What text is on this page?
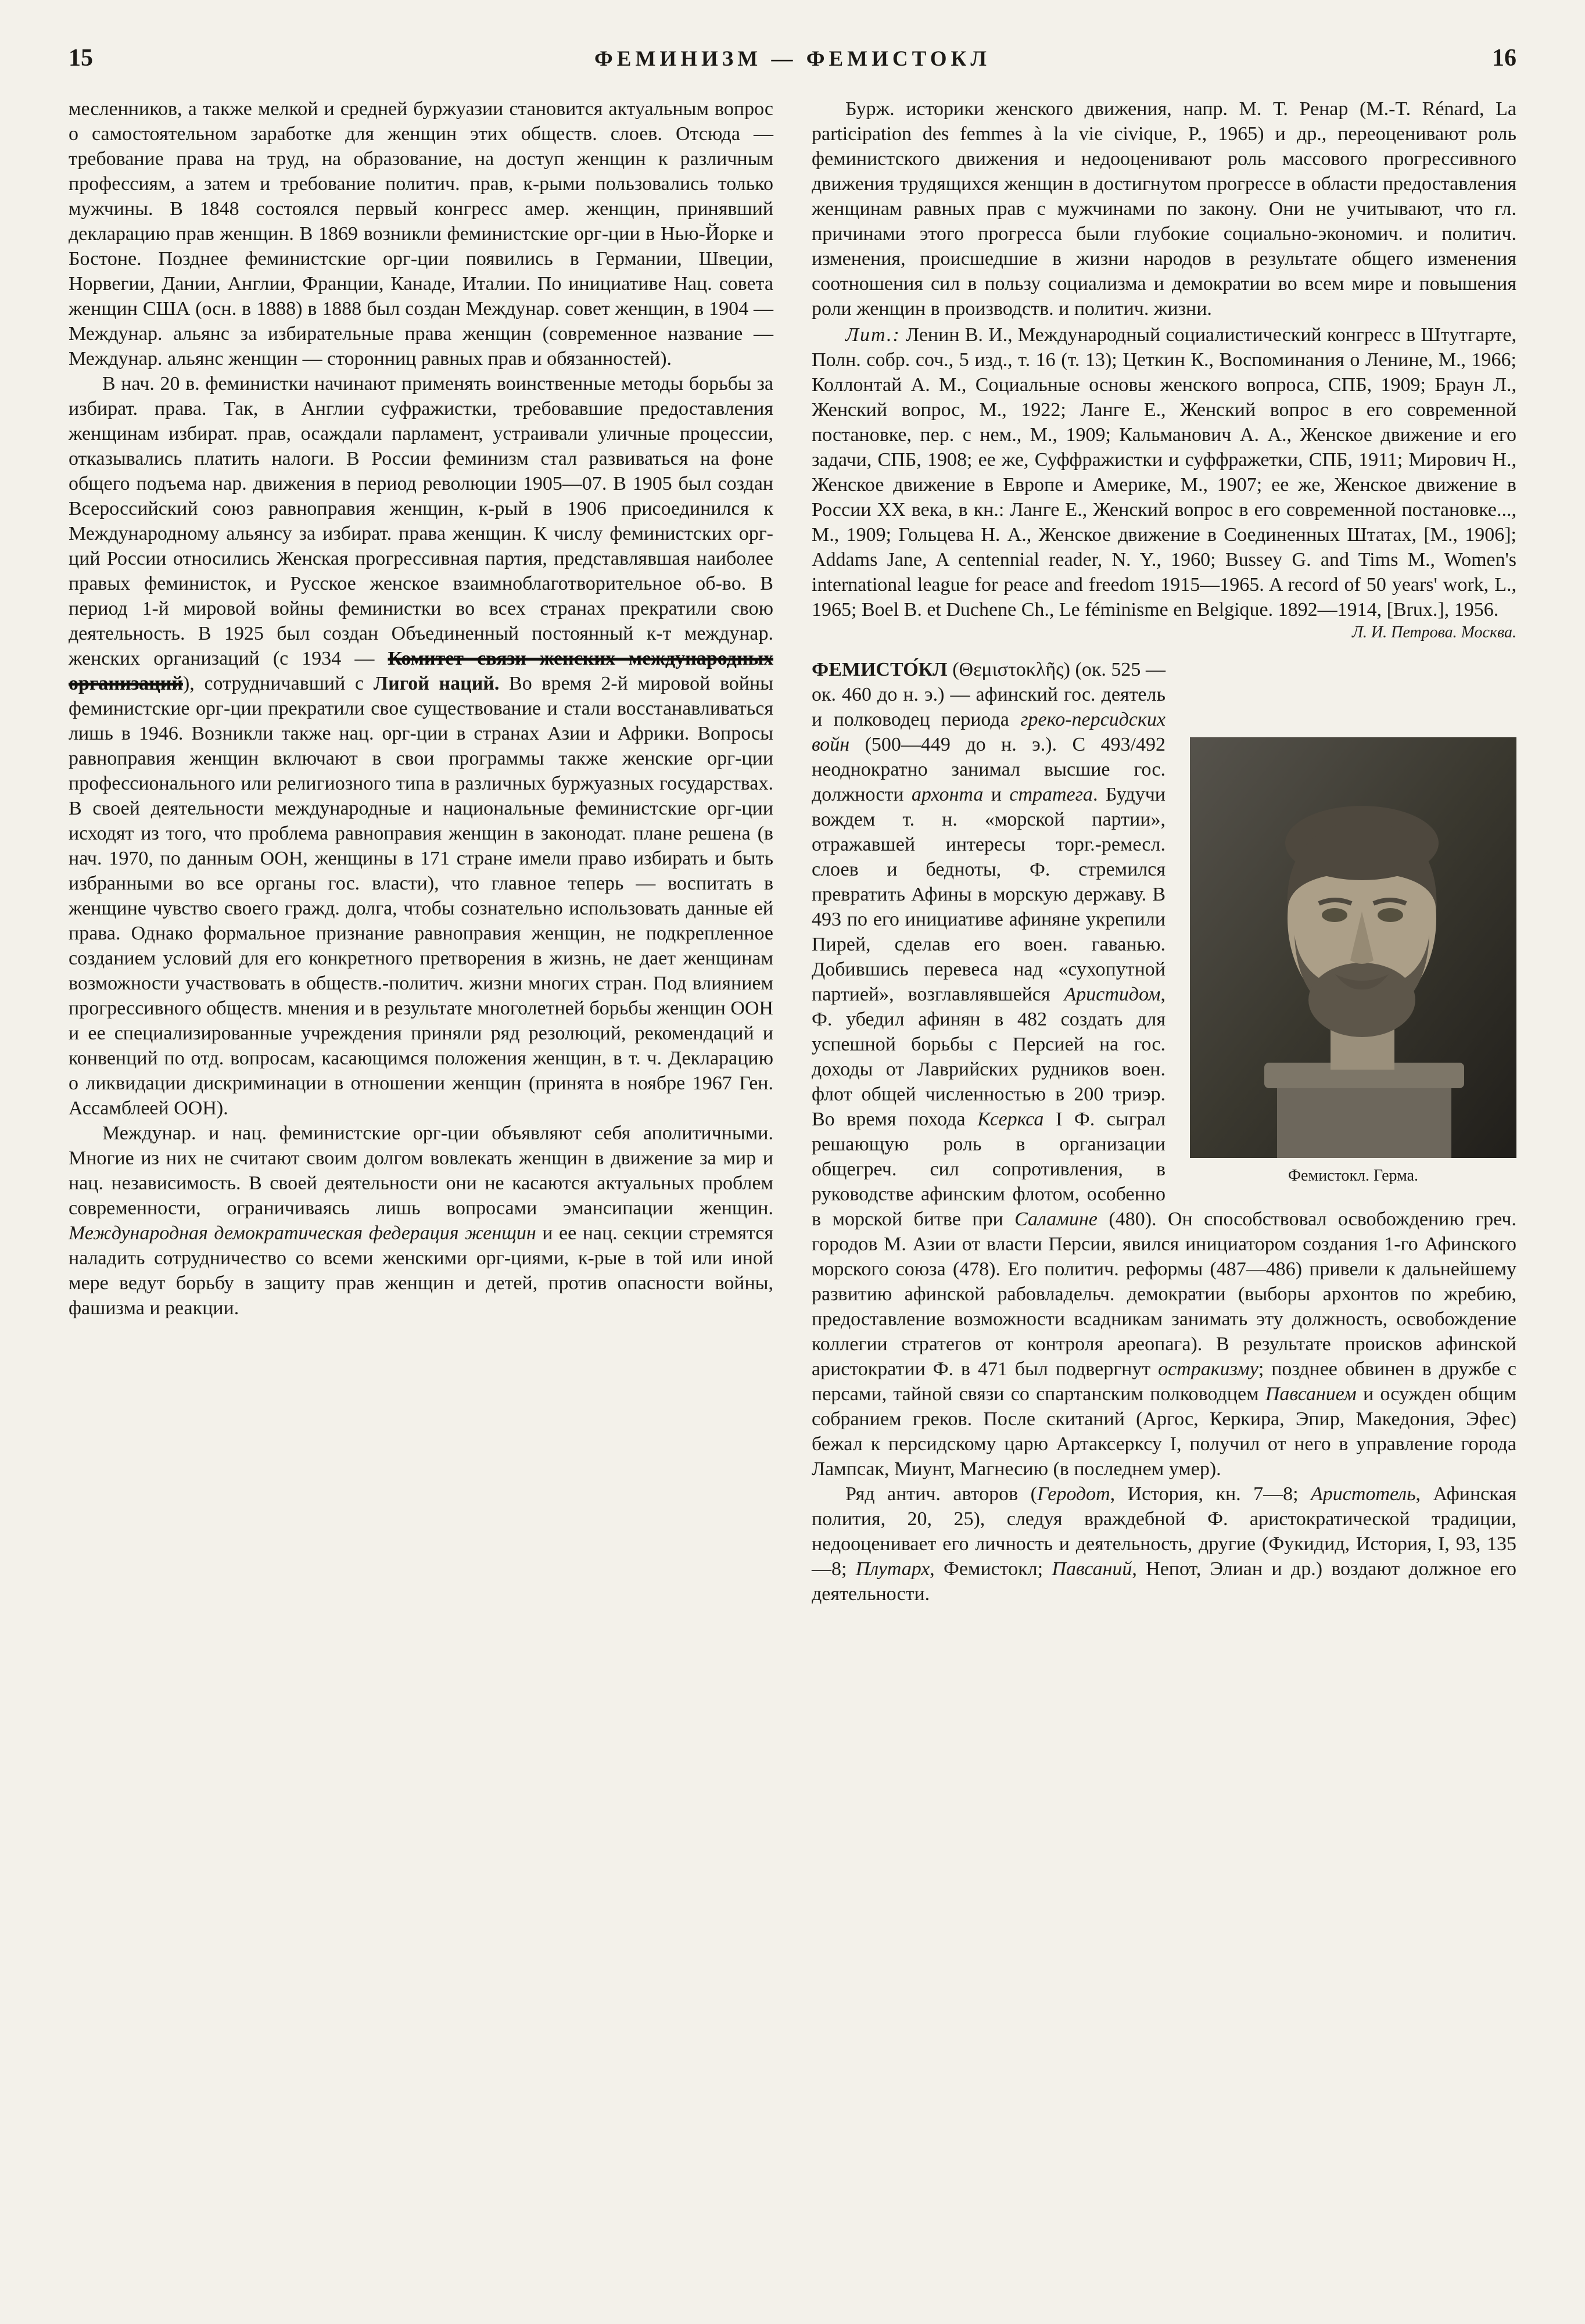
15	ФЕМИНИЗМ — ФЕМИСТОКЛ	16

месленников, а также мелкой и средней буржуазии становится актуальным вопрос о самостоятельном заработке для женщин этих обществ. слоев. Отсюда — требование права на труд, на образование, на доступ женщин к различным профессиям, а затем и требование политич. прав, к-рыми пользовались только мужчины. В 1848 состоялся первый конгресс амер. женщин, принявший декларацию прав женщин. В 1869 возникли феминистские орг-ции в Нью-Йорке и Бостоне. Позднее феминистские орг-ции появились в Германии, Швеции, Норвегии, Дании, Англии, Франции, Канаде, Италии. По инициативе Нац. совета женщин США (осн. в 1888) в 1888 был создан Междунар. совет женщин, в 1904 — Междунар. альянс за избирательные права женщин (современное название — Междунар. альянс женщин — сторонниц равных прав и обязанностей).

В нач. 20 в. феминистки начинают применять воинственные методы борьбы за избират. права. Так, в Англии суфражистки, требовавшие предоставления женщинам избират. прав, осаждали парламент, устраивали уличные процессии, отказывались платить налоги. В России феминизм стал развиваться на фоне общего подъема нар. движения в период революции 1905—07. В 1905 был создан Всероссийский союз равноправия женщин, к-рый в 1906 присоединился к Международному альянсу за избират. права женщин. К числу феминистских орг-ций России относились Женская прогрессивная партия, представлявшая наиболее правых феминисток, и Русское женское взаимноблаготворительное об-во. В период 1-й мировой войны феминистки во всех странах прекратили свою деятельность. В 1925 был создан Объединенный постоянный к-т междунар. женских организаций (с 1934 — Комитет связи женских международных организаций), сотрудничавший с Лигой наций. Во время 2-й мировой войны феминистские орг-ции прекратили свое существование и стали восстанавливаться лишь в 1946. Возникли также нац. орг-ции в странах Азии и Африки. Вопросы равноправия женщин включают в свои программы также женские орг-ции профессионального или религиозного типа в различных буржуазных государствах. В своей деятельности международные и национальные феминистские орг-ции исходят из того, что проблема равноправия женщин в законодат. плане решена (в нач. 1970, по данным ООН, женщины в 171 стране имели право избирать и быть избранными во все органы гос. власти), что главное теперь — воспитать в женщине чувство своего гражд. долга, чтобы сознательно использовать данные ей права. Однако формальное признание равноправия женщин, не подкрепленное созданием условий для его конкретного претворения в жизнь, не дает женщинам возможности участвовать в обществ.-политич. жизни многих стран. Под влиянием прогрессивного обществ. мнения и в результате многолетней борьбы женщин ООН и ее специализированные учреждения приняли ряд резолюций, рекомендаций и конвенций по отд. вопросам, касающимся положения женщин, в т. ч. Декларацию о ликвидации дискриминации в отношении женщин (принята в ноябре 1967 Ген. Ассамблеей ООН).

Междунар. и нац. феминистские орг-ции объявляют себя аполитичными. Многие из них не считают своим долгом вовлекать женщин в движение за мир и нац. независимость. В своей деятельности они не касаются актуальных проблем современности, ограничиваясь лишь вопросами эмансипации женщин. Международная демократическая федерация женщин и ее нац. секции стремятся наладить сотрудничество со всеми женскими орг-циями, к-рые в той или иной мере ведут борьбу в защиту прав женщин и детей, против опасности войны, фашизма и реакции.

Бурж. историки женского движения, напр. М. Т. Ренар (M.-T. Rénard, La participation des femmes à la vie civique, P., 1965) и др., переоценивают роль феминистского движения и недооценивают роль массового прогрессивного движения трудящихся женщин в достигнутом прогрессе в области предоставления женщинам равных прав с мужчинами по закону. Они не учитывают, что гл. причинами этого прогресса были глубокие социально-экономич. и политич. изменения, происшедшие в жизни народов в результате общего изменения соотношения сил в пользу социализма и демократии во всем мире и повышения роли женщин в производств. и политич. жизни.

Лит.: Ленин В. И., Международный социалистический конгресс в Штутгарте, Полн. собр. соч., 5 изд., т. 16 (т. 13); Цеткин К., Воспоминания о Ленине, М., 1966; Коллонтай А. М., Социальные основы женского вопроса, СПБ, 1909; Браун Л., Женский вопрос, М., 1922; Ланге Е., Женский вопрос в его современной постановке, пер. с нем., М., 1909; Кальманович А. А., Женское движение и его задачи, СПБ, 1908; ее же, Суффражистки и суффражетки, СПБ, 1911; Мирович Н., Женское движение в Европе и Америке, М., 1907; ее же, Женское движение в России XX века, в кн.: Ланге Е., Женский вопрос в его современной постановке..., М., 1909; Гольцева Н. А., Женское движение в Соединенных Штатах, [М., 1906]; Addams Jane, A centennial reader, N. Y., 1960; Bussey G. and Tims M., Women's international league for peace and freedom 1915—1965. A record of 50 years' work, L., 1965; Boel B. et Duchene Ch., Le féminisme en Belgique. 1892—1914, [Brux.], 1956.

Л. И. Петрова. Москва.
Фемистокл. Герма.

ФЕМИСТО́КЛ (Θεμιστοκλῆς) (ок. 525 — ок. 460 до н. э.) — афинский гос. деятель и полководец периода греко-персидских войн (500—449 до н. э.). С 493/492 неоднократно занимал высшие гос. должности архонта и стратега. Будучи вождем т. н. «морской партии», отражавшей интересы торг.-ремесл. слоев и бедноты, Ф. стремился превратить Афины в морскую державу. В 493 по его инициативе афиняне укрепили Пирей, сделав его воен. гаванью. Добившись перевеса над «сухопутной партией», возглавлявшейся Аристидом, Ф. убедил афинян в 482 создать для успешной борьбы с Персией на гос. доходы от Лаврийских рудников воен. флот общей численностью в 200 триэр. Во время похода Ксеркса I Ф. сыграл решающую роль в организации общегреч. сил сопротивления, в руководстве афинским флотом, особенно в морской битве при Саламине (480). Он способствовал освобождению греч. городов М. Азии от власти Персии, явился инициатором создания 1-го Афинского морского союза (478). Его политич. реформы (487—486) привели к дальнейшему развитию афинской рабовладельч. демократии (выборы архонтов по жребию, предоставление возможности всадникам занимать эту должность, освобождение коллегии стратегов от контроля ареопага). В результате происков афинской аристократии Ф. в 471 был подвергнут остракизму; позднее обвинен в дружбе с персами, тайной связи со спартанским полководцем Павсанием и осужден общим собранием греков. После скитаний (Аргос, Керкира, Эпир, Македония, Эфес) бежал к персидскому царю Артаксерксу I, получил от него в управление города Лампсак, Миунт, Магнесию (в последнем умер).

Ряд антич. авторов (Геродот, История, кн. 7—8; Аристотель, Афинская полития, 20, 25), следуя враждебной Ф. аристократической традиции, недооценивает его личность и деятельность, другие (Фукидид, История, I, 93, 135—8; Плутарх, Фемистокл; Павсаний, Непот, Элиан и др.) воздают должное его деятельности.
